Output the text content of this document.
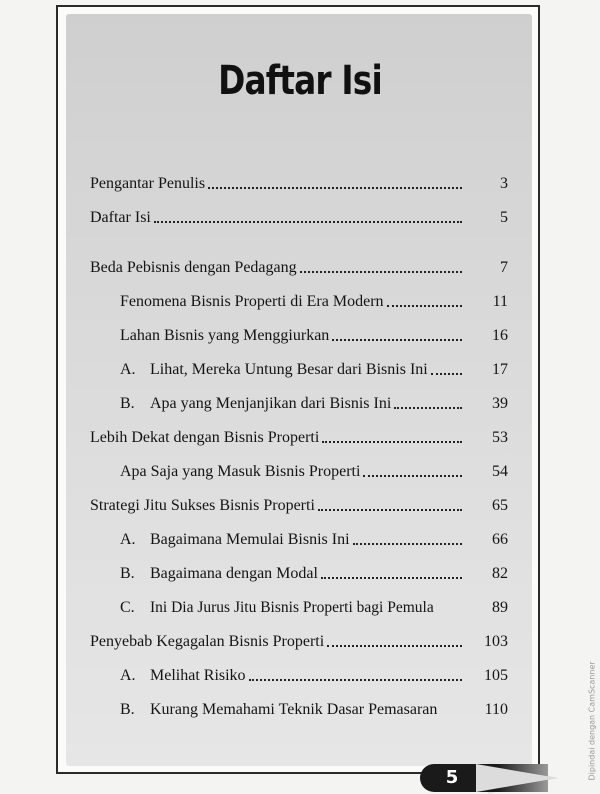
Daftar Isi
Pengantar Penulis	3
Daftar Isi	5
Beda Pebisnis dengan Pedagang	7
Fenomena Bisnis Properti di Era Modern	11
Lahan Bisnis yang Menggiurkan	16
A. Lihat, Mereka Untung Besar dari Bisnis Ini	17
B. Apa yang Menjanjikan dari Bisnis Ini	39
Lebih Dekat dengan Bisnis Properti	53
Apa Saja yang Masuk Bisnis Properti	54
Strategi Jitu Sukses Bisnis Properti	65
A. Bagaimana Memulai Bisnis Ini	66
B. Bagaimana dengan Modal	82
C. Ini Dia Jurus Jitu Bisnis Properti bagi Pemula	89
Penyebab Kegagalan Bisnis Properti	103
A. Melihat Risiko	105
B. Kurang Memahami Teknik Dasar Pemasaran	110
5	Dipindai dengan CamScanner
